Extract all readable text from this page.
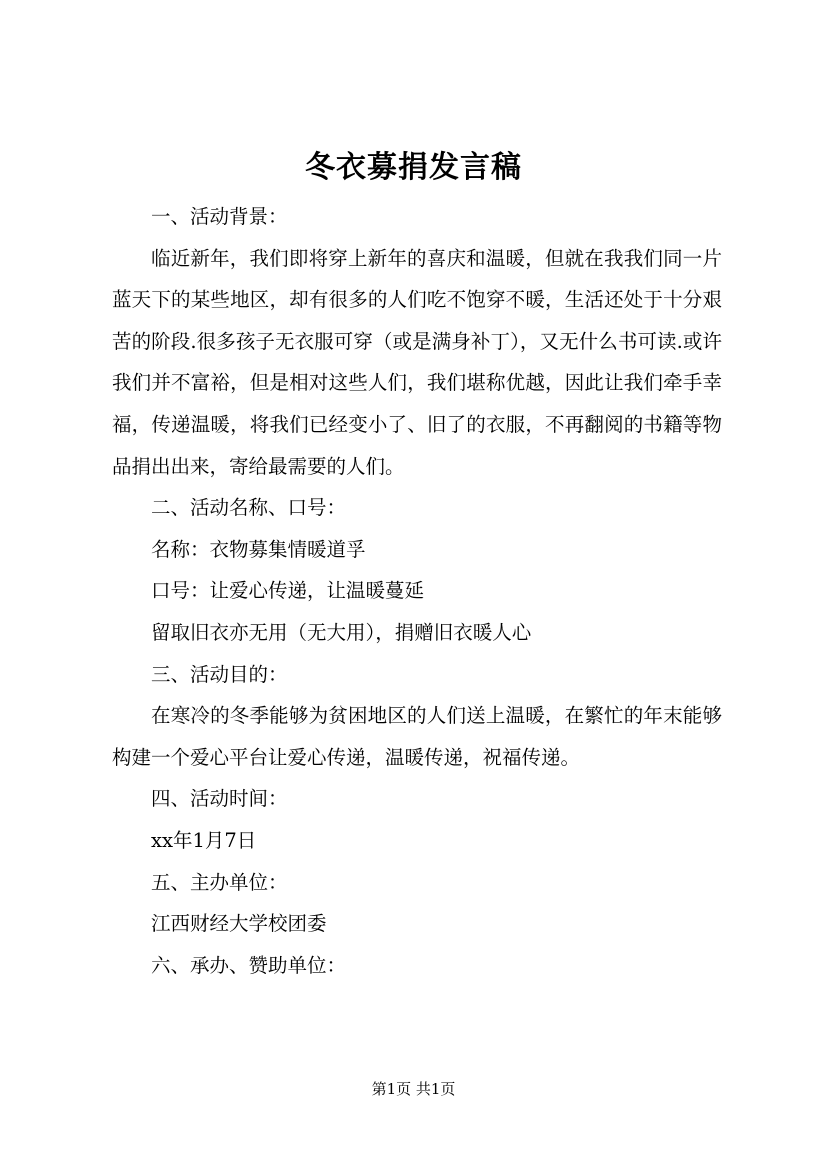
冬衣募捐发言稿

一、活动背景：

临近新年，我们即将穿上新年的喜庆和温暖，但就在我我们同一片蓝天下的某些地区，却有很多的人们吃不饱穿不暖，生活还处于十分艰苦的阶段.很多孩子无衣服可穿（或是满身补丁），又无什么书可读.或许我们并不富裕，但是相对这些人们，我们堪称优越，因此让我们牵手幸福，传递温暖，将我们已经变小了、旧了的衣服，不再翻阅的书籍等物品捐出出来，寄给最需要的人们。

二、活动名称、口号：

名称：衣物募集情暖道孚

口号：让爱心传递，让温暖蔓延

留取旧衣亦无用（无大用），捐赠旧衣暖人心

三、活动目的：

在寒冷的冬季能够为贫困地区的人们送上温暖，在繁忙的年末能够构建一个爱心平台让爱心传递，温暖传递，祝福传递。

四、活动时间：

xx年1月7日

五、主办单位：

江西财经大学校团委

六、承办、赞助单位：

第1页 共1页
